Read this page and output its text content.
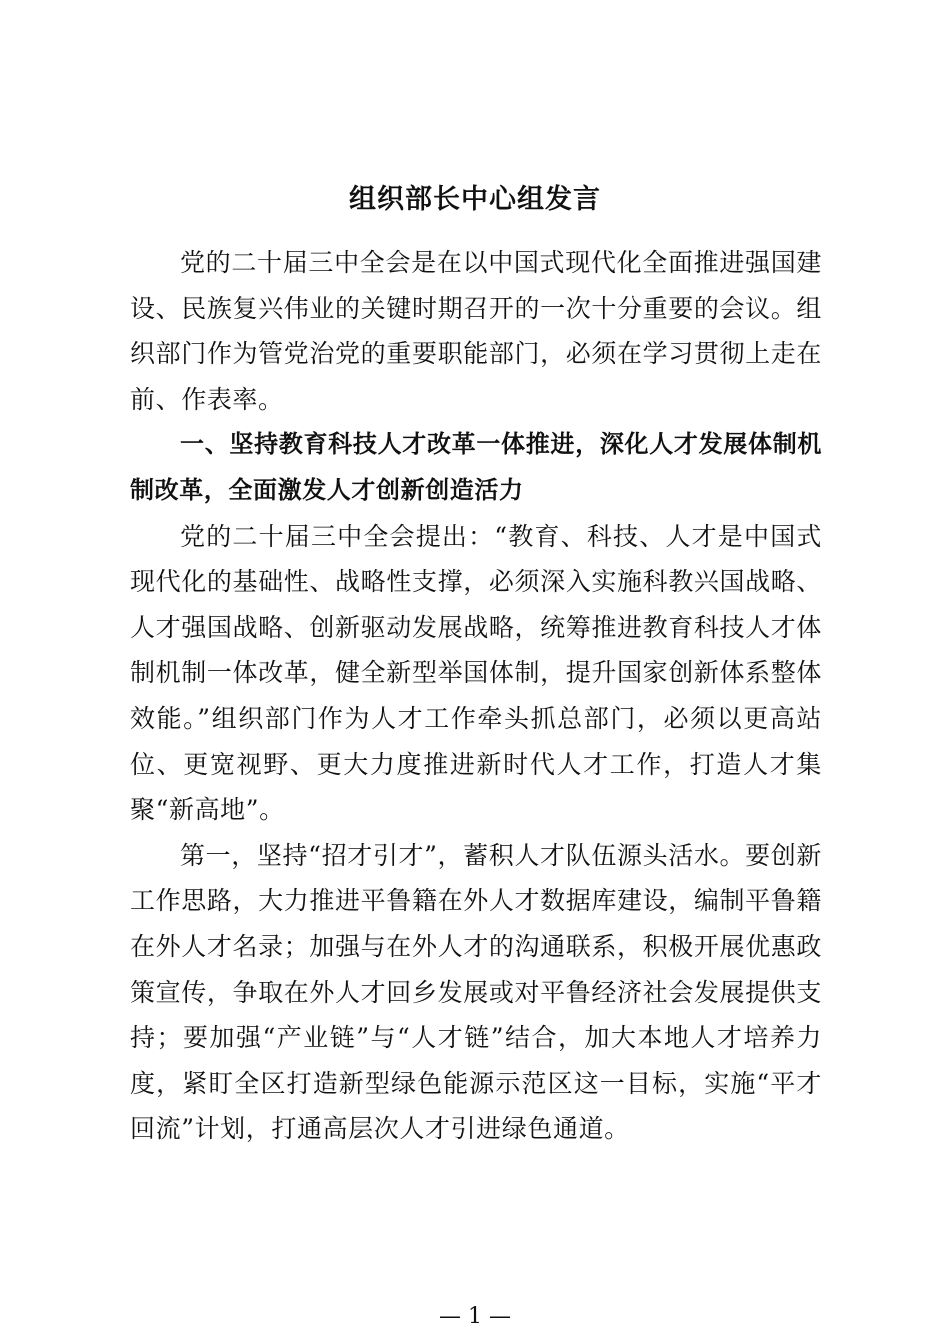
组织部长中心组发言

党的二十届三中全会是在以中国式现代化全面推进强国建设、民族复兴伟业的关键时期召开的一次十分重要的会议。组织部门作为管党治党的重要职能部门，必须在学习贯彻上走在前、作表率。

一、坚持教育科技人才改革一体推进，深化人才发展体制机制改革，全面激发人才创新创造活力

党的二十届三中全会提出：“教育、科技、人才是中国式现代化的基础性、战略性支撑，必须深入实施科教兴国战略、人才强国战略、创新驱动发展战略，统筹推进教育科技人才体制机制一体改革，健全新型举国体制，提升国家创新体系整体效能。”组织部门作为人才工作牵头抓总部门，必须以更高站位、更宽视野、更大力度推进新时代人才工作，打造人才集聚“新高地”。

第一，坚持“招才引才”，蓄积人才队伍源头活水。要创新工作思路，大力推进平鲁籍在外人才数据库建设，编制平鲁籍在外人才名录；加强与在外人才的沟通联系，积极开展优惠政策宣传，争取在外人才回乡发展或对平鲁经济社会发展提供支持；要加强“产业链”与“人才链”结合，加大本地人才培养力度，紧盯全区打造新型绿色能源示范区这一目标，实施“平才回流”计划，打通高层次人才引进绿色通道。

— 1 —
